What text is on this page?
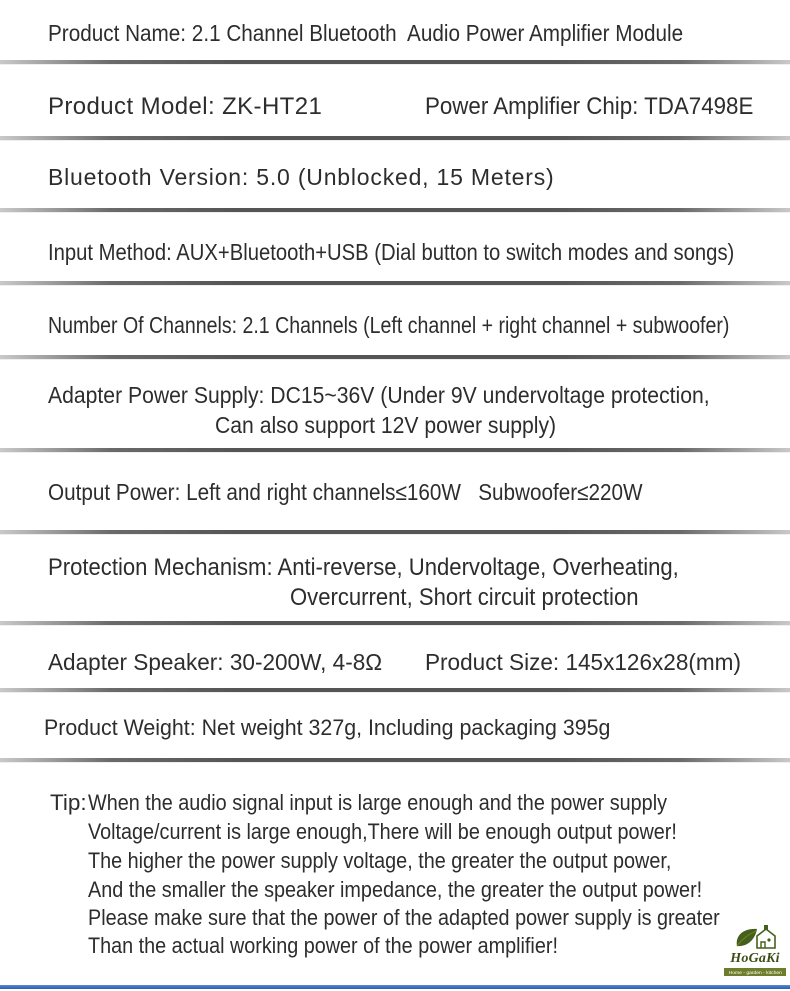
Product Name: 2.1 Channel Bluetooth  Audio Power Amplifier Module
Product Model: ZK-HT21	Power Amplifier Chip: TDA7498E
Bluetooth Version: 5.0 (Unblocked, 15 Meters)
Input Method: AUX+Bluetooth+USB (Dial button to switch modes and songs)
Number Of Channels: 2.1 Channels (Left channel + right channel + subwoofer)
Adapter Power Supply: DC15~36V (Under 9V undervoltage protection,
Can also support 12V power supply)
Output Power: Left and right channels≤160W   Subwoofer≤220W
Protection Mechanism: Anti-reverse, Undervoltage, Overheating,
Overcurrent, Short circuit protection
Adapter Speaker: 30-200W, 4-8Ω Product Size: 145x126x28(mm)
Product Weight: Net weight 327g, Including packaging 395g
Tip: When the audio signal input is large enough and the power supply
Voltage/current is large enough,There will be enough output power!
The higher the power supply voltage, the greater the output power,
And the smaller the speaker impedance, the greater the output power!
Please make sure that the power of the adapted power supply is greater
Than the actual working power of the power amplifier!
HoGaKi
Home - garden - kitchen
